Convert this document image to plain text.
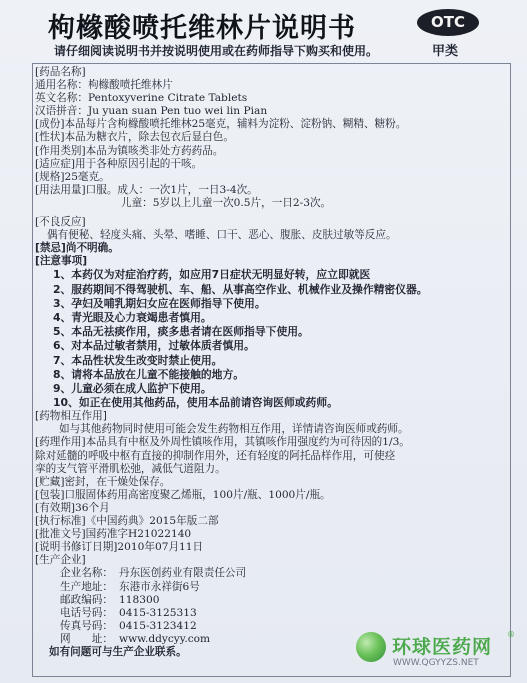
枸橼酸喷托维林片说明书	OTC
甲类
请仔细阅读说明书并按说明使用或在药师指导下购买和使用。
[药品名称]
通用名称：枸橼酸喷托维林片
英文名称：Pentoxyverine Citrate Tablets
汉语拼音：Ju yuan suan Pen tuo wei lin Pian
[成份]本品每片含枸橼酸喷托维林25毫克，辅料为淀粉、淀粉钠、糊精、糖粉。
[性状]本品为糖衣片，除去包衣后显白色。
[作用类别]本品为镇咳类非处方药药品。
[适应症]用于各种原因引起的干咳。
[规格]25毫克。
[用法用量]口服。成人：一次1片，一日3-4次。
儿童：5岁以上儿童一次0.5片，一日2-3次。
[不良反应]
偶有便秘、轻度头痛、头晕、嗜睡、口干、恶心、腹胀、皮肤过敏等反应。
[禁忌]尚不明确。
[注意事项]
1、本药仅为对症治疗药，如应用7日症状无明显好转，应立即就医
2、服药期间不得驾驶机、车、船、从事高空作业、机械作业及操作精密仪器。
3、孕妇及哺乳期妇女应在医师指导下使用。
4、青光眼及心力衰竭患者慎用。
5、本品无祛痰作用，痰多患者请在医师指导下使用。
6、对本品过敏者禁用，过敏体质者慎用。
7、本品性状发生改变时禁止使用。
8、请将本品放在儿童不能接触的地方。
9、儿童必须在成人监护下使用。
10、如正在使用其他药品，使用本品前请咨询医师或药师。
[药物相互作用]
如与其他药物同时使用可能会发生药物相互作用，详情请咨询医师或药师。
[药理作用]本品具有中枢及外周性镇咳作用，其镇咳作用强度约为可待因的1/3。
除对延髓的呼吸中枢有直接的抑制作用外，还有轻度的阿托品样作用，可使痉
挛的支气管平滑肌松弛，减低气道阻力。
[贮藏]密封，在干燥处保存。
[包装]口服固体药用高密度聚乙烯瓶，100片/瓶、1000片/瓶。
[有效期]36个月
[执行标准]《中国药典》2015年版二部
[批准文号]国药准字H21022140
[说明书修订日期]2010年07月11日
[生产企业]
企业名称： 丹东医创药业有限责任公司
生产地址： 东港市永祥街6号
邮政编码： 118300
电话号码： 0415-3125313
传真号码： 0415-3123412
网　　址： www.ddycyy.com
如有问题可与生产企业联系。	环球医药网
®
WWW.QGYYZS.NET
